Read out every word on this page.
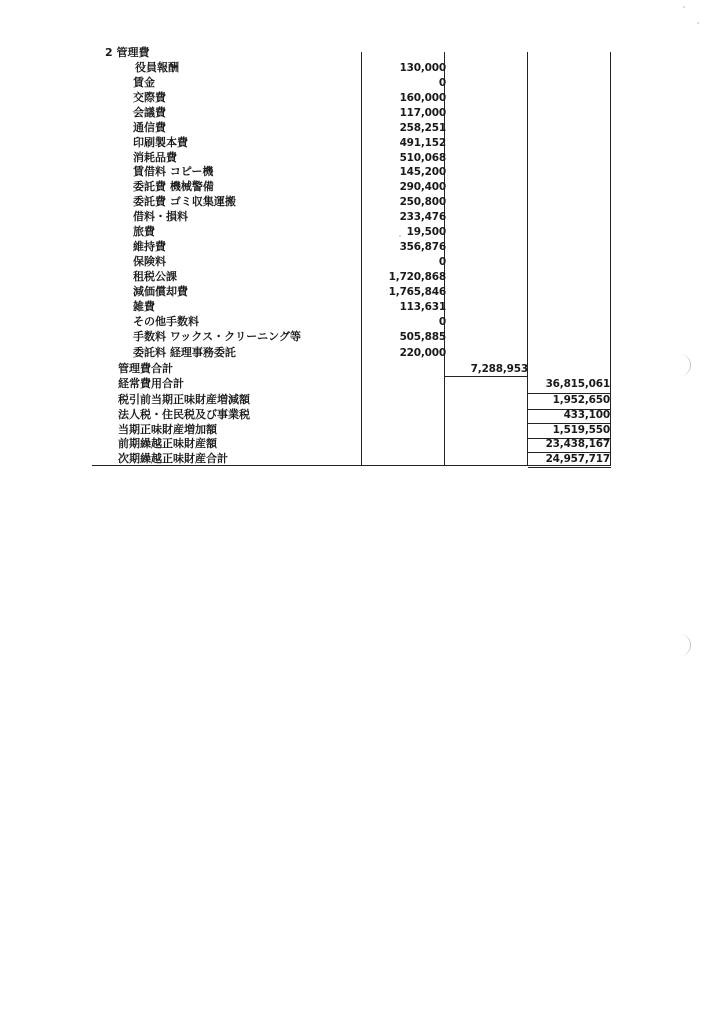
2 管理費
役員報酬	130,000
賃金	0
交際費	160,000
会議費	117,000
通信費	258,251
印刷製本費	491,152
消耗品費	510,068
賃借料 コピー機	145,200
委託費 機械警備	290,400
委託費 ゴミ収集運搬	250,800
借料・損料	233,476
旅費	19,500
維持費	356,876
保険料	0
租税公課	1,720,868
減価償却費	1,765,846
雑費	113,631
その他手数料	0
手数料 ワックス・クリーニング等	505,885
委託料 経理事務委託	220,000
管理費合計	7,288,953
経常費用合計	36,815,061
税引前当期正味財産増減額	1,952,650
法人税・住民税及び事業税	433,100
当期正味財産増加額	1,519,550
前期繰越正味財産額	23,438,167
次期繰越正味財産合計	24,957,717
